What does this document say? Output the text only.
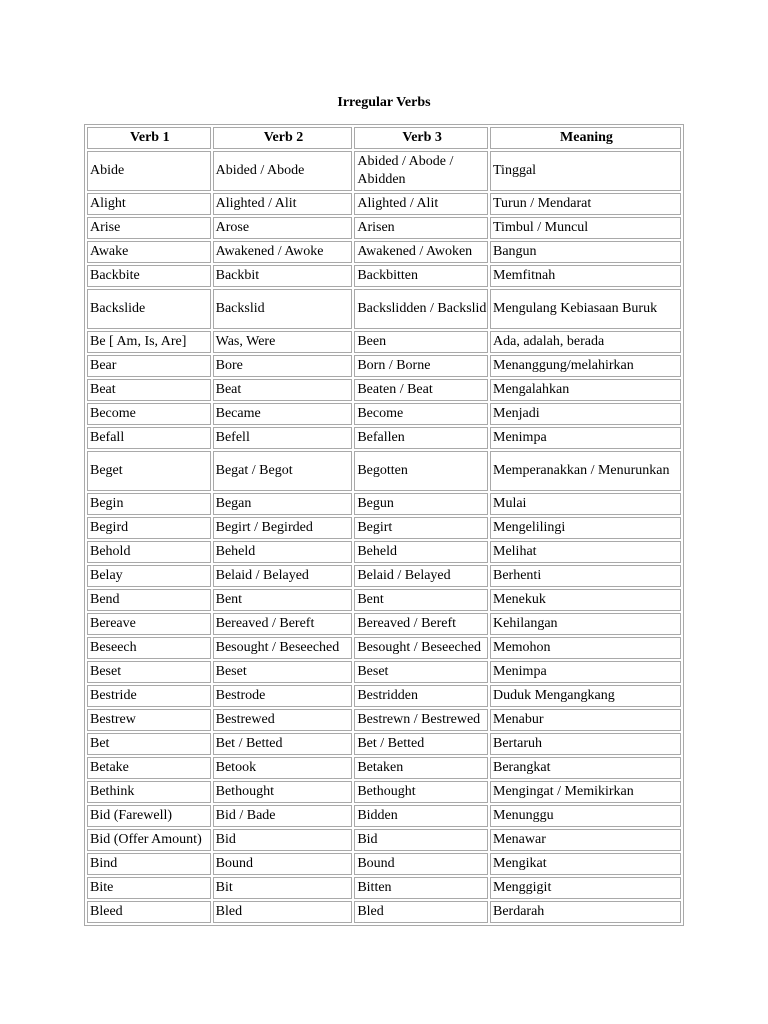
Irregular Verbs
Verb 1	Verb 2	Verb 3	Meaning
Abide	Abided / Abode	Abided / Abode / Abidden	Tinggal
Alight	Alighted / Alit	Alighted / Alit	Turun / Mendarat
Arise	Arose	Arisen	Timbul / Muncul
Awake	Awakened / Awoke	Awakened / Awoken	Bangun
Backbite	Backbit	Backbitten	Memfitnah
Backslide	Backslid	Backslidden / Backslid	Mengulang Kebiasaan Buruk
Be [ Am, Is, Are]	Was, Were	Been	Ada, adalah, berada
Bear	Bore	Born / Borne	Menanggung/melahirkan
Beat	Beat	Beaten / Beat	Mengalahkan
Become	Became	Become	Menjadi
Befall	Befell	Befallen	Menimpa
Beget	Begat / Begot	Begotten	Memperanakkan / Menurunkan
Begin	Began	Begun	Mulai
Begird	Begirt / Begirded	Begirt	Mengelilingi
Behold	Beheld	Beheld	Melihat
Belay	Belaid / Belayed	Belaid / Belayed	Berhenti
Bend	Bent	Bent	Menekuk
Bereave	Bereaved / Bereft	Bereaved / Bereft	Kehilangan
Beseech	Besought / Beseeched	Besought / Beseeched	Memohon
Beset	Beset	Beset	Menimpa
Bestride	Bestrode	Bestridden	Duduk Mengangkang
Bestrew	Bestrewed	Bestrewn / Bestrewed	Menabur
Bet	Bet / Betted	Bet / Betted	Bertaruh
Betake	Betook	Betaken	Berangkat
Bethink	Bethought	Bethought	Mengingat / Memikirkan
Bid (Farewell)	Bid / Bade	Bidden	Menunggu
Bid (Offer Amount)	Bid	Bid	Menawar
Bind	Bound	Bound	Mengikat
Bite	Bit	Bitten	Menggigit
Bleed	Bled	Bled	Berdarah
